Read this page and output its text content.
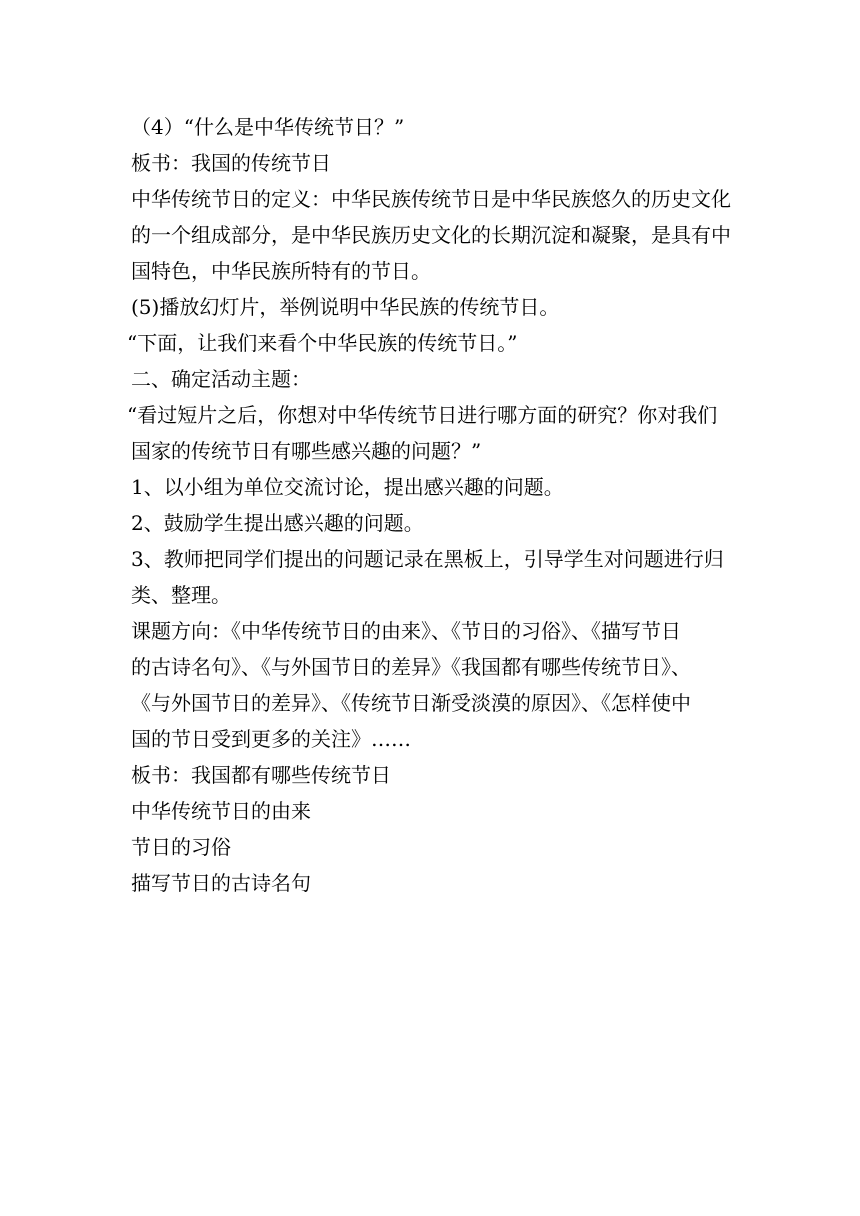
（4）“什么是中华传统节日？”

板书：我国的传统节日

中华传统节日的定义：中华民族传统节日是中华民族悠久的历史文化

的一个组成部分，是中华民族历史文化的长期沉淀和凝聚，是具有中

国特色，中华民族所特有的节日。

(5)播放幻灯片，举例说明中华民族的传统节日。

“下面，让我们来看个中华民族的传统节日。”

二、确定活动主题：

“看过短片之后，你想对中华传统节日进行哪方面的研究？你对我们

国家的传统节日有哪些感兴趣的问题？”

1、以小组为单位交流讨论，提出感兴趣的问题。

2、鼓励学生提出感兴趣的问题。

3、教师把同学们提出的问题记录在黑板上，引导学生对问题进行归

类、整理。

课题方向：《中华传统节日的由来》、《节日的习俗》、《描写节日

的古诗名句》、《与外国节日的差异》《我国都有哪些传统节日》、

《与外国节日的差异》、《传统节日渐受淡漠的原因》、《怎样使中

国的节日受到更多的关注》……

板书：我国都有哪些传统节日

中华传统节日的由来

节日的习俗

描写节日的古诗名句
